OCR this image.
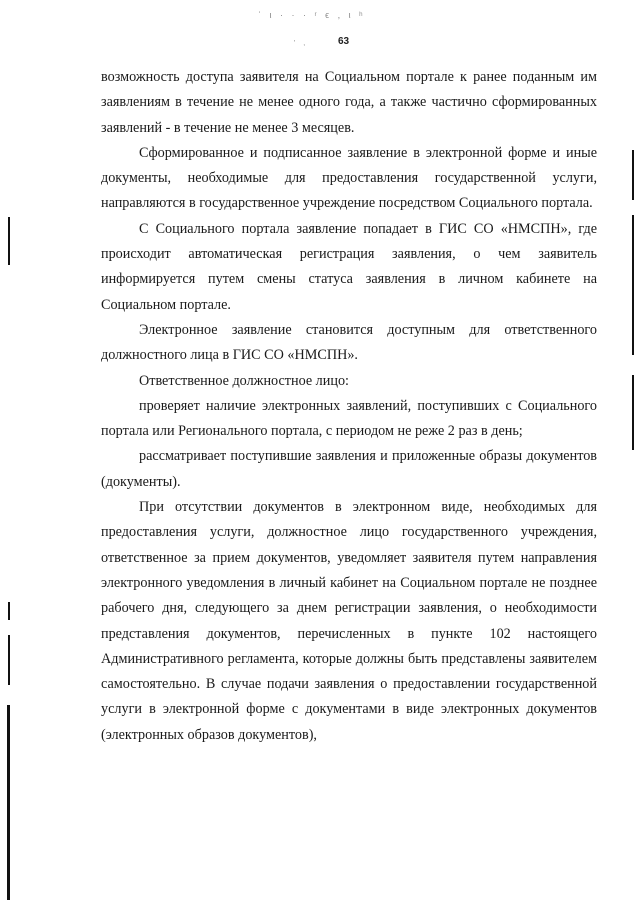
ʿ ι · · · ʳ ϵ , ι ʰ
' ,	63

возможность доступа заявителя на Социальном портале к ранее поданным им заявлениям в течение не менее одного года, а также частично сформированных заявлений - в течение не менее 3 месяцев.

Сформированное и подписанное заявление в электронной форме и иные документы, необходимые для предоставления государственной услуги, направляются в государственное учреждение посредством Социального портала.

С Социального портала заявление попадает в ГИС СО «НМСПН», где происходит автоматическая регистрация заявления, о чем заявитель информируется путем смены статуса заявления в личном кабинете на Социальном портале.

Электронное заявление становится доступным для ответственного должностного лица в ГИС СО «НМСПН».

Ответственное должностное лицо:

проверяет наличие электронных заявлений, поступивших с Социального портала или Регионального портала, с периодом не реже 2 раз в день;

рассматривает поступившие заявления и приложенные образы документов (документы).

При отсутствии документов в электронном виде, необходимых для предоставления услуги, должностное лицо государственного учреждения, ответственное за прием документов, уведомляет заявителя путем направления электронного уведомления в личный кабинет на Социальном портале не позднее рабочего дня, следующего за днем регистрации заявления, о необходимости представления документов, перечисленных в пункте 102 настоящего Административного регламента, которые должны быть представлены заявителем самостоятельно. В случае подачи заявления о предоставлении государственной услуги в электронной форме с документами в виде электронных документов (электронных образов документов),
